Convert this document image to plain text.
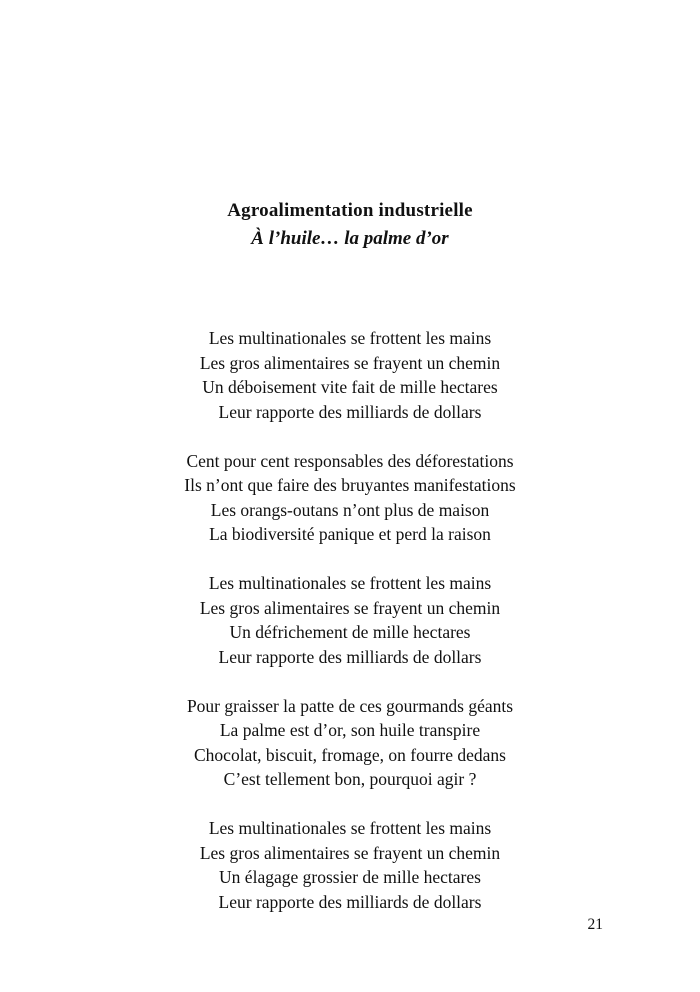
Agroalimentation industrielle
À l’huile… la palme d’or
Les multinationales se frottent les mains
Les gros alimentaires se frayent un chemin
Un déboisement vite fait de mille hectares
Leur rapporte des milliards de dollars
Cent pour cent responsables des déforestations
Ils n’ont que faire des bruyantes manifestations
Les orangs-outans n’ont plus de maison
La biodiversité panique et perd la raison
Les multinationales se frottent les mains
Les gros alimentaires se frayent un chemin
Un défrichement de mille hectares
Leur rapporte des milliards de dollars
Pour graisser la patte de ces gourmands géants
La palme est d’or, son huile transpire
Chocolat, biscuit, fromage, on fourre dedans
C’est tellement bon, pourquoi agir ?
Les multinationales se frottent les mains
Les gros alimentaires se frayent un chemin
Un élagage grossier de mille hectares
Leur rapporte des milliards de dollars
21
